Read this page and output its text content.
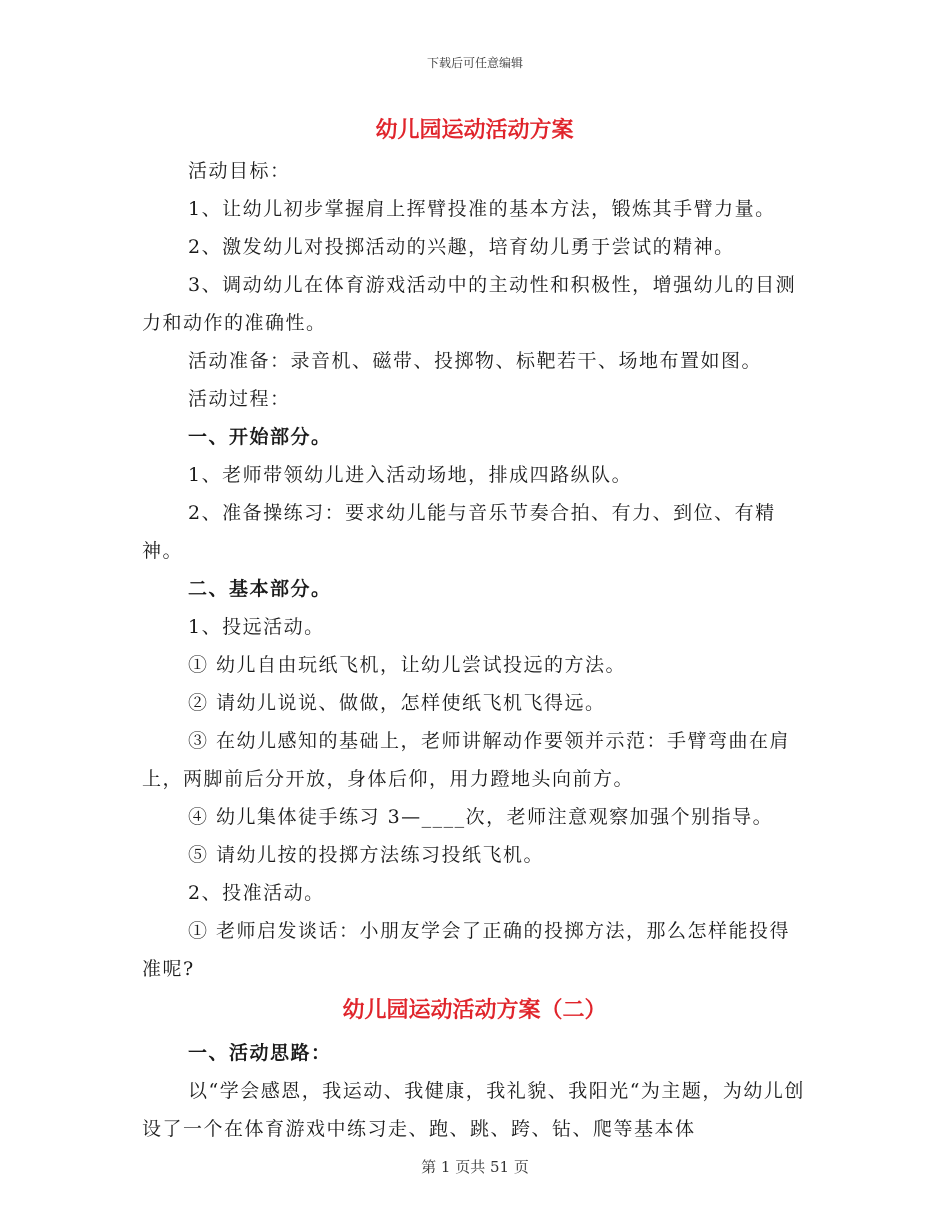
下载后可任意编辑
幼儿园运动活动方案

活动目标：

1、让幼儿初步掌握肩上挥臂投准的基本方法，锻炼其手臂力量。

2、激发幼儿对投掷活动的兴趣，培育幼儿勇于尝试的精神。

3、调动幼儿在体育游戏活动中的主动性和积极性，增强幼儿的目测力和动作的准确性。

活动准备：录音机、磁带、投掷物、标靶若干、场地布置如图。

活动过程：

一、开始部分。

1、老师带领幼儿进入活动场地，排成四路纵队。

2、准备操练习：要求幼儿能与音乐节奏合拍、有力、到位、有精神。

二、基本部分。

1、投远活动。

① 幼儿自由玩纸飞机，让幼儿尝试投远的方法。

② 请幼儿说说、做做，怎样使纸飞机飞得远。

③ 在幼儿感知的基础上，老师讲解动作要领并示范：手臂弯曲在肩上，两脚前后分开放，身体后仰，用力蹬地头向前方。

④ 幼儿集体徒手练习 3—____次，老师注意观察加强个别指导。

⑤ 请幼儿按的投掷方法练习投纸飞机。

2、投准活动。

① 老师启发谈话：小朋友学会了正确的投掷方法，那么怎样能投得准呢?

幼儿园运动活动方案（二）

一、活动思路：

以“学会感恩，我运动、我健康，我礼貌、我阳光“为主题，为幼儿创设了一个在体育游戏中练习走、跑、跳、跨、钻、爬等基本体

第 1 页共 51 页
